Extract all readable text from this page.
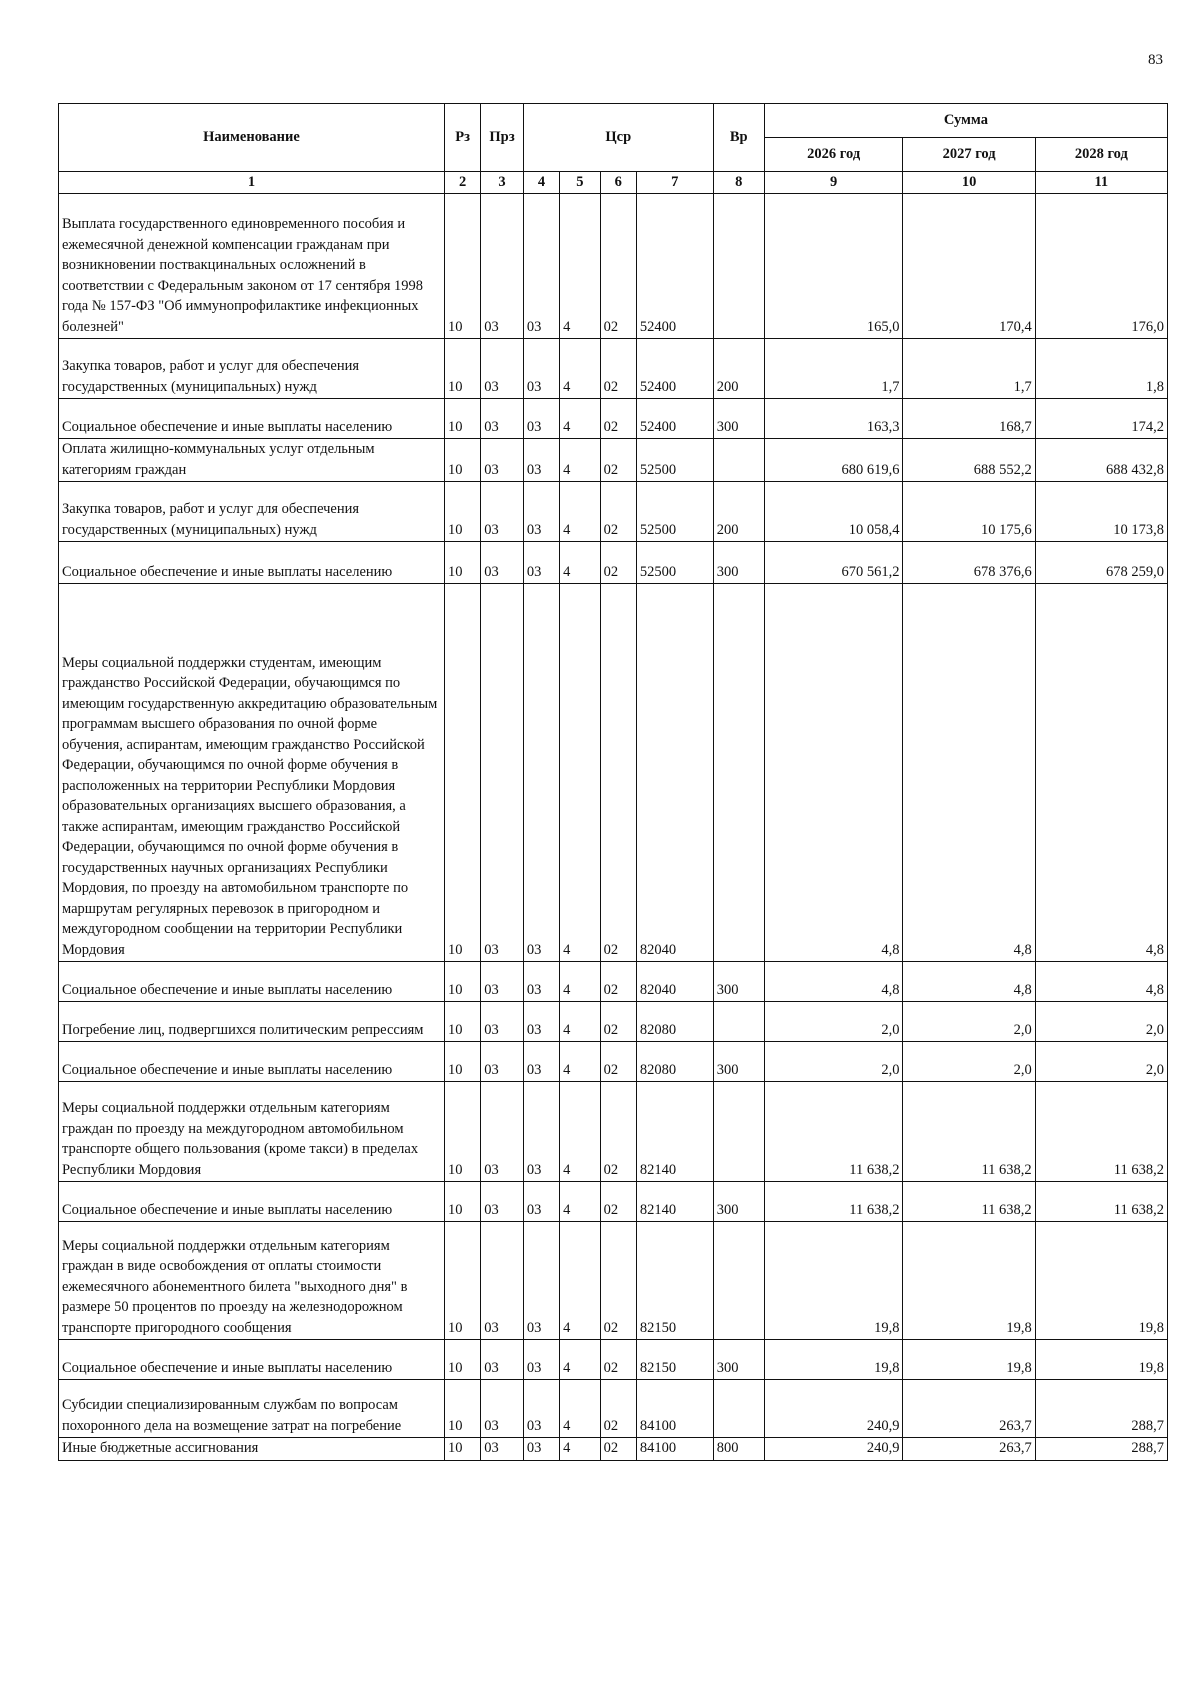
83
Наименование	Рз	Прз	Цср				Вр	Сумма		
								2026 год	2027 год	2028 год
1	2	3	4	5	6	7	8	9	10	11
Выплата государственного единовременного пособия и ежемесячной денежной компенсации гражданам при возникновении поствакцинальных осложнений в соответствии с Федеральным законом от 17 сентября 1998 года № 157-ФЗ "Об иммунопрофилактике инфекционных болезней"	10	03	03	4	02	52400		165,0	170,4	176,0
Закупка товаров, работ и услуг для обеспечения государственных (муниципальных) нужд	10	03	03	4	02	52400	200	1,7	1,7	1,8
Социальное обеспечение и иные выплаты населению	10	03	03	4	02	52400	300	163,3	168,7	174,2
Оплата жилищно-коммунальных услуг отдельным категориям граждан	10	03	03	4	02	52500		680 619,6	688 552,2	688 432,8
Закупка товаров, работ и услуг для обеспечения государственных (муниципальных) нужд	10	03	03	4	02	52500	200	10 058,4	10 175,6	10 173,8
Социальное обеспечение и иные выплаты населению	10	03	03	4	02	52500	300	670 561,2	678 376,6	678 259,0
Меры социальной поддержки студентам, имеющим гражданство Российской Федерации, обучающимся по имеющим государственную аккредитацию образовательным программам высшего образования по очной форме обучения, аспирантам, имеющим гражданство Российской Федерации, обучающимся по очной форме обучения в расположенных на территории Республики Мордовия образовательных организациях высшего образования, а также аспирантам, имеющим гражданство Российской Федерации, обучающимся по очной форме обучения в государственных научных организациях Республики Мордовия, по проезду на автомобильном транспорте по маршрутам регулярных перевозок в пригородном и междугородном сообщении на территории Республики Мордовия	10	03	03	4	02	82040		4,8	4,8	4,8
Социальное обеспечение и иные выплаты населению	10	03	03	4	02	82040	300	4,8	4,8	4,8
Погребение лиц, подвергшихся политическим репрессиям	10	03	03	4	02	82080		2,0	2,0	2,0
Социальное обеспечение и иные выплаты населению	10	03	03	4	02	82080	300	2,0	2,0	2,0
Меры социальной поддержки отдельным категориям граждан по проезду на междугородном автомобильном транспорте общего пользования (кроме такси) в пределах Республики Мордовия	10	03	03	4	02	82140		11 638,2	11 638,2	11 638,2
Социальное обеспечение и иные выплаты населению	10	03	03	4	02	82140	300	11 638,2	11 638,2	11 638,2
Меры социальной поддержки отдельным категориям граждан в виде освобождения от оплаты стоимости ежемесячного абонементного билета "выходного дня" в размере 50 процентов по проезду на железнодорожном транспорте пригородного сообщения	10	03	03	4	02	82150		19,8	19,8	19,8
Социальное обеспечение и иные выплаты населению	10	03	03	4	02	82150	300	19,8	19,8	19,8
Субсидии специализированным службам по вопросам похоронного дела на возмещение затрат на погребение	10	03	03	4	02	84100		240,9	263,7	288,7
Иные бюджетные ассигнования	10	03	03	4	02	84100	800	240,9	263,7	288,7
